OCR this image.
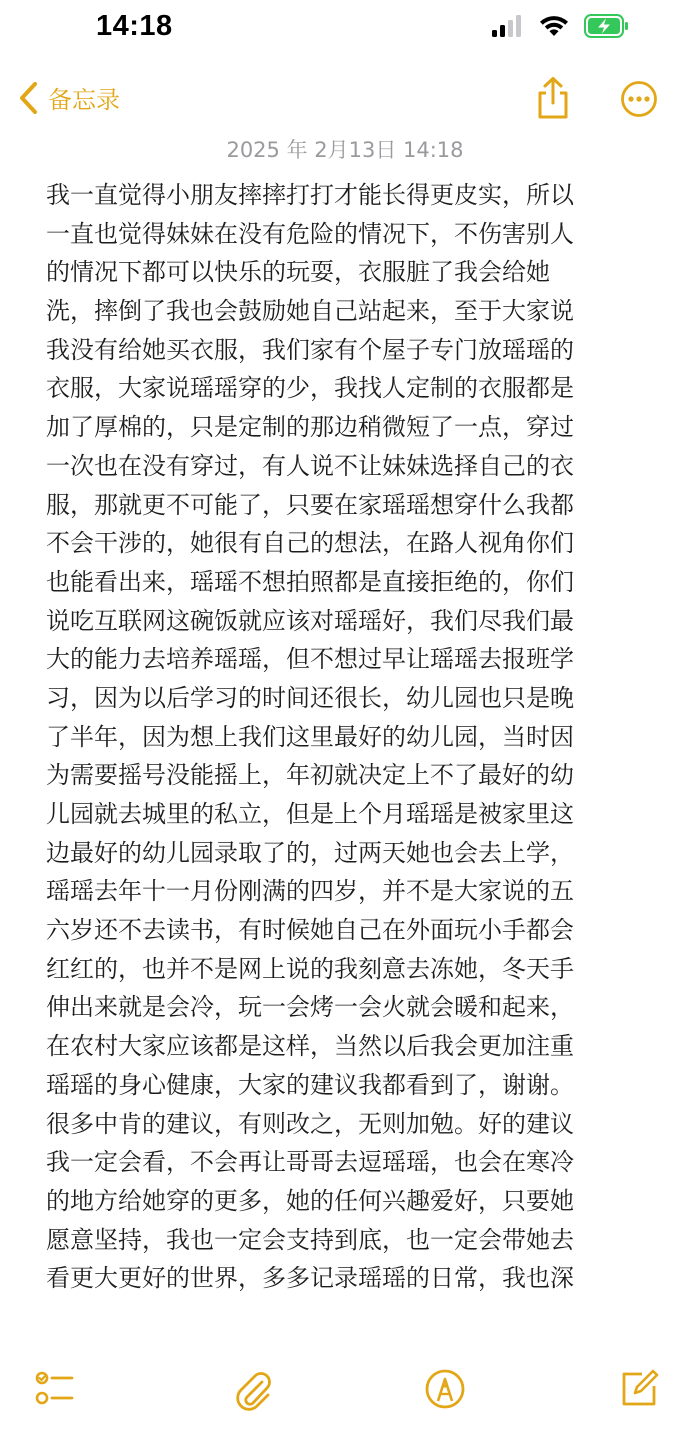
14:18
备忘录
2025 年 2月13日 14:18
我一直觉得小朋友摔摔打打才能长得更皮实，所以
一直也觉得妹妹在没有危险的情况下，不伤害别人
的情况下都可以快乐的玩耍，衣服脏了我会给她
洗，摔倒了我也会鼓励她自己站起来，至于大家说
我没有给她买衣服，我们家有个屋子专门放瑶瑶的
衣服，大家说瑶瑶穿的少，我找人定制的衣服都是
加了厚棉的，只是定制的那边稍微短了一点，穿过
一次也在没有穿过，有人说不让妹妹选择自己的衣
服，那就更不可能了，只要在家瑶瑶想穿什么我都
不会干涉的，她很有自己的想法，在路人视角你们
也能看出来，瑶瑶不想拍照都是直接拒绝的，你们
说吃互联网这碗饭就应该对瑶瑶好，我们尽我们最
大的能力去培养瑶瑶，但不想过早让瑶瑶去报班学
习，因为以后学习的时间还很长，幼儿园也只是晚
了半年，因为想上我们这里最好的幼儿园，当时因
为需要摇号没能摇上，年初就决定上不了最好的幼
儿园就去城里的私立，但是上个月瑶瑶是被家里这
边最好的幼儿园录取了的，过两天她也会去上学，
瑶瑶去年十一月份刚满的四岁，并不是大家说的五
六岁还不去读书，有时候她自己在外面玩小手都会
红红的，也并不是网上说的我刻意去冻她，冬天手
伸出来就是会冷，玩一会烤一会火就会暖和起来，
在农村大家应该都是这样，当然以后我会更加注重
瑶瑶的身心健康，大家的建议我都看到了，谢谢。
很多中肯的建议，有则改之，无则加勉。好的建议
我一定会看，不会再让哥哥去逗瑶瑶，也会在寒冷
的地方给她穿的更多，她的任何兴趣爱好，只要她
愿意坚持，我也一定会支持到底，也一定会带她去
看更大更好的世界，多多记录瑶瑶的日常，我也深
